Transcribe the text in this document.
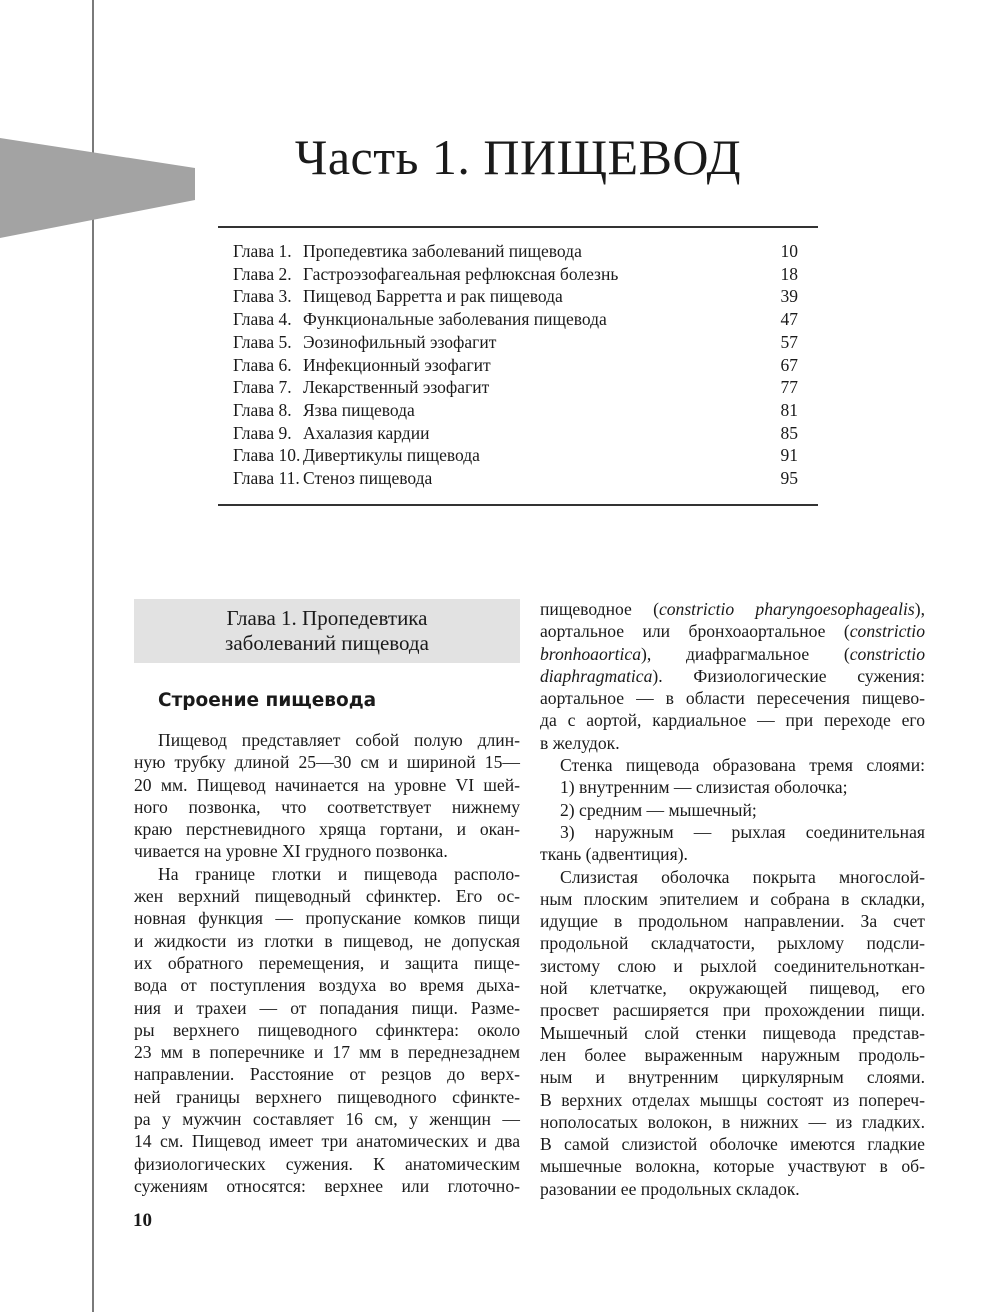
Часть 1. ПИЩЕВОД
Глава 1. Пропедевтика заболеваний пищевода	10
Глава 2. Гастроэзофагеальная рефлюксная болезнь	18
Глава 3. Пищевод Барретта и рак пищевода	39
Глава 4. Функциональные заболевания пищевода	47
Глава 5. Эозинофильный эзофагит	57
Глава 6. Инфекционный эзофагит	67
Глава 7. Лекарственный эзофагит	77
Глава 8. Язва пищевода	81
Глава 9. Ахалазия кардии	85
Глава 10. Дивертикулы пищевода	91
Глава 11. Стеноз пищевода	95
Глава 1. Пропедевтика
заболеваний пищевода
Строение пищевода
Пищевод представляет собой полую длин-
ную трубку длиной 25—30 см и шириной 15—
20 мм. Пищевод начинается на уровне VI шей-
ного позвонка, что соответствует нижнему
краю перстневидного хряща гортани, и окан-
чивается на уровне XI грудного позвонка.
На границе глотки и пищевода располо-
жен верхний пищеводный сфинктер. Его ос-
новная функция — пропускание комков пищи
и жидкости из глотки в пищевод, не допуская
их обратного перемещения, и защита пище-
вода от поступления воздуха во время дыха-
ния и трахеи — от попадания пищи. Разме-
ры верхнего пищеводного сфинктера: около
23 мм в поперечнике и 17 мм в переднезаднем
направлении. Расстояние от резцов до верх-
ней границы верхнего пищеводного сфинкте-
ра у мужчин составляет 16 см, у женщин —
14 см. Пищевод имеет три анатомических и два
физиологических сужения. К анатомическим
сужениям относятся: верхнее или глоточно-
пищеводное (constrictio pharyngoesophagealis),
аортальное или бронхоаортальное (constrictio
bronhoaortica), диафрагмальное (constrictio
diaphragmatica). Физиологические сужения:
аортальное — в области пересечения пищево-
да с аортой, кардиальное — при переходе его
в желудок.
Стенка пищевода образована тремя слоями:
1) внутренним — слизистая оболочка;
2) средним — мышечный;
3) наружным — рыхлая соединительная
ткань (адвентиция).
Слизистая оболочка покрыта многослой-
ным плоским эпителием и собрана в складки,
идущие в продольном направлении. За счет
продольной складчатости, рыхлому подсли-
зистому слою и рыхлой соединительноткан-
ной клетчатке, окружающей пищевод, его
просвет расширяется при прохождении пищи.
Мышечный слой стенки пищевода представ-
лен более выраженным наружным продоль-
ным и внутренним циркулярным слоями.
В верхних отделах мышцы состоят из попереч-
нополосатых волокон, в нижних — из гладких.
В самой слизистой оболочке имеются гладкие
мышечные волокна, которые участвуют в об-
разовании ее продольных складок.
10
